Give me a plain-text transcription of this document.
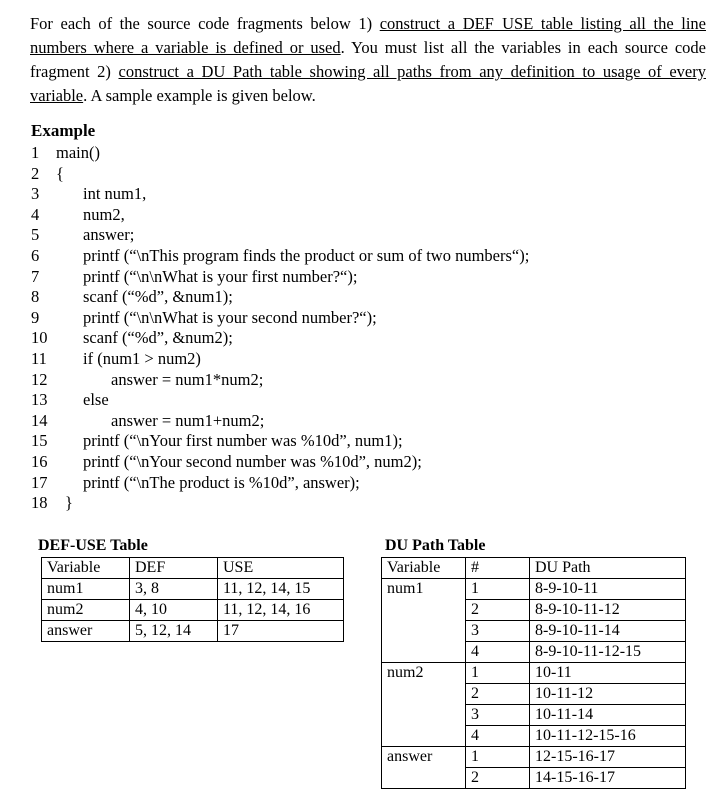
For each of the source code fragments below 1) construct a DEF_USE table listing all the line numbers where a variable is defined or used. You must list all the variables in each source code fragment 2) construct a DU Path table showing all paths from any definition to usage of every variable. A sample example is given below.
Example
1 main()
2 {
3	int num1,
4	num2,
5	answer;
6	printf (“\nThis program finds the product or sum of two numbers“);
7	printf (“\n\nWhat is your first number?“);
8	scanf (“%d”, &num1);
9	printf (“\n\nWhat is your second number?“);
10 scanf (“%d”, &num2);
11 if (num1 > num2)
12	answer = num1*num2;
13 else
14	answer = num1+num2;
15 printf (“\nYour first number was %10d”, num1);
16 printf (“\nYour second number was %10d”, num2);
17 printf (“\nThe product is %10d”, answer);
18 }
DEF-USE Table
Variable	DEF	USE
num1	3, 8	11, 12, 14, 15
num2	4, 10	11, 12, 14, 16
answer	5, 12, 14	17
DU Path Table
Variable	#	DU Path
num1	1	8-9-10-11
	2	8-9-10-11-12
	3	8-9-10-11-14
	4	8-9-10-11-12-15
num2	1	10-11
	2	10-11-12
	3	10-11-14
	4	10-11-12-15-16
answer	1	12-15-16-17
	2	14-15-16-17
